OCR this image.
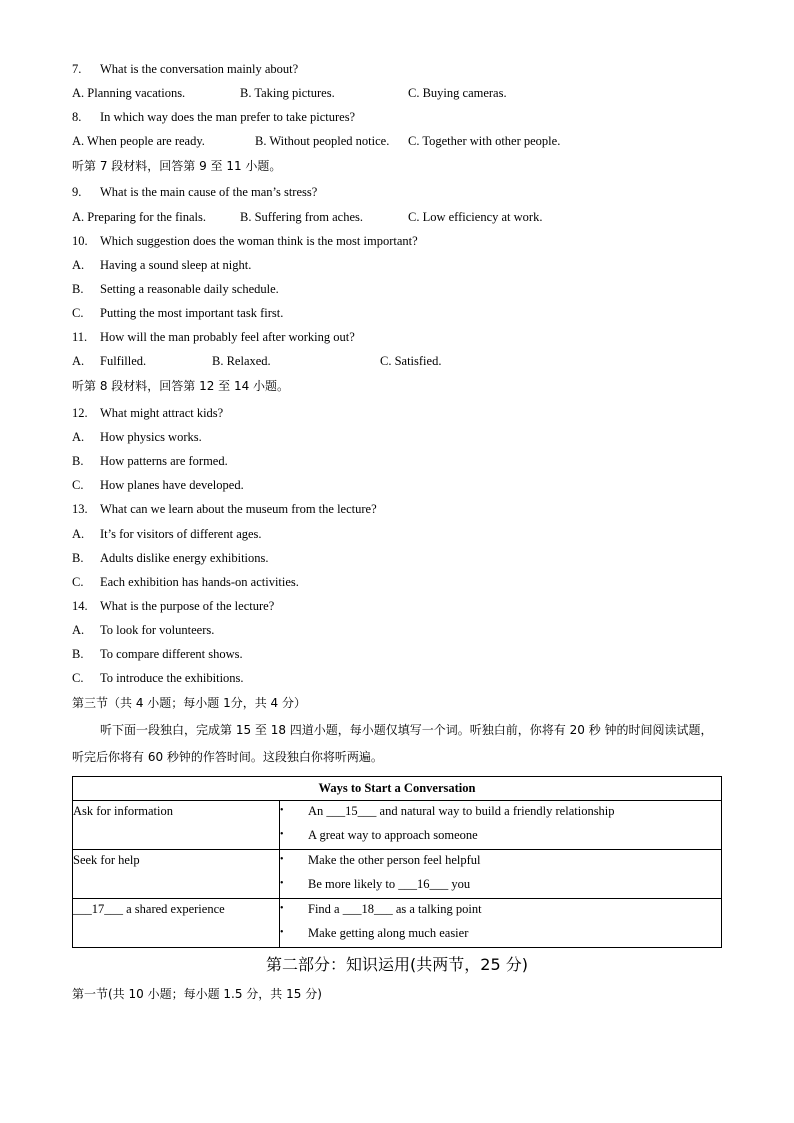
7. What is the conversation mainly about?
A. Planning vacations.	B. Taking pictures.	C. Buying cameras.
8. In which way does the man prefer to take pictures?
A. When people are ready.	B. Without peopled notice. C. Together with other people.
听第 7 段材料，回答第 9 至 11 小题。
9. What is the main cause of the man’s stress?
A. Preparing for the finals.	B. Suffering from aches.	C. Low efficiency at work.
10. Which suggestion does the woman think is the most important?
A. Having a sound sleep at night.
B. Setting a reasonable daily schedule.
C. Putting the most important task first.
11. How will the man probably feel after working out?
A. Fulfilled.	B. Relaxed.	C. Satisfied.
听第 8 段材料，回答第 12 至 14 小题。
12. What might attract kids?
A. How physics works.
B. How patterns are formed.
C. How planes have developed.
13. What can we learn about the museum from the lecture?
A. It’s for visitors of different ages.
B. Adults dislike energy exhibitions.
C. Each exhibition has hands-on activities.
14. What is the purpose of the lecture?
A. To look for volunteers.
B. To compare different shows.
C. To introduce the exhibitions.
第三节（共 4 小题；每小题 1分，共 4 分）
听下面一段独白，完成第 15 至 18 四道小题，每小题仅填写一个词。听独白前，你将有 20 秒 钟的时间阅读试题，听完后你将有 60 秒钟的作答时间。这段独白你将听两遍。
Ways to Start a Conversation	

Ask for information	• An ___15___ and natural way to build a friendly relationship
• A great way to approach someone

Seek for help	• Make the other person feel helpful
• Be more likely to ___16___ you

___17___ a shared experience	• Find a ___18___ as a talking point
• Make getting along much easier
第二部分：知识运用(共两节，25 分)
第一节(共 10 小题；每小题 1.5 分，共 15 分)
